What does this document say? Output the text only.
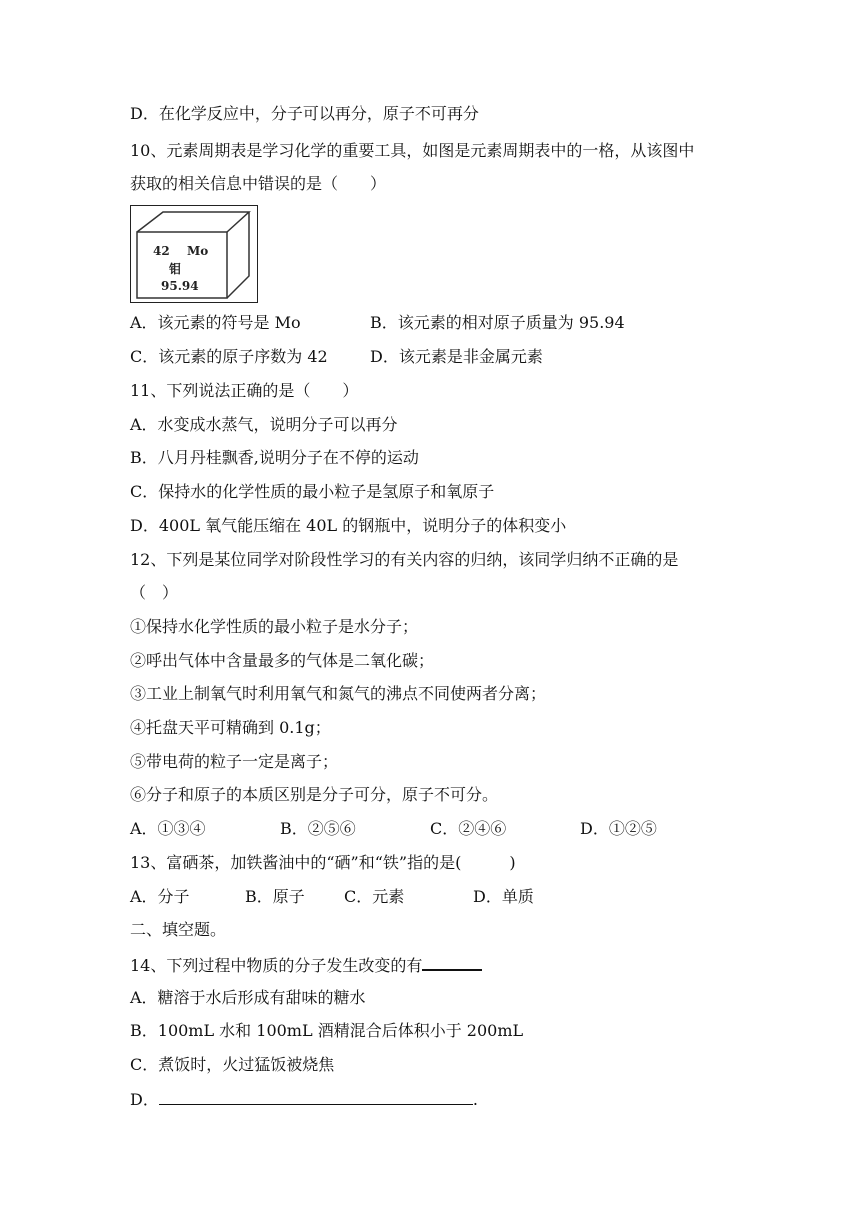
D．在化学反应中，分子可以再分，原子不可再分
10、元素周期表是学习化学的重要工具，如图是元素周期表中的一格，从该图中
获取的相关信息中错误的是（　　）
42 Mo
钼
95.94
A．该元素的符号是 Mo	B．该元素的相对原子质量为 95.94
C．该元素的原子序数为 42	D．该元素是非金属元素
11、下列说法正确的是（　　）
A．水变成水蒸气，说明分子可以再分
B．八月丹桂飘香,说明分子在不停的运动
C．保持水的化学性质的最小粒子是氢原子和氧原子
D．400L 氧气能压缩在 40L 的钢瓶中，说明分子的体积变小
12、下列是某位同学对阶段性学习的有关内容的归纳，该同学归纳不正确的是
（　）
①保持水化学性质的最小粒子是水分子；
②呼出气体中含量最多的气体是二氧化碳；
③工业上制氧气时利用氧气和氮气的沸点不同使两者分离；
④托盘天平可精确到 0.1g；
⑤带电荷的粒子一定是离子；
⑥分子和原子的本质区别是分子可分，原子不可分。
A．①③④	B．②⑤⑥	C．②④⑥	D．①②⑤
13、富硒茶，加铁酱油中的“硒”和“铁”指的是(　　　)
A．分子	B．原子 C．元素	D．单质
二、填空题。
14、下列过程中物质的分子发生改变的有
A．糖溶于水后形成有甜味的糖水
B．100mL 水和 100mL 酒精混合后体积小于 200mL
C．煮饭时，火过猛饭被烧焦
D．	.
